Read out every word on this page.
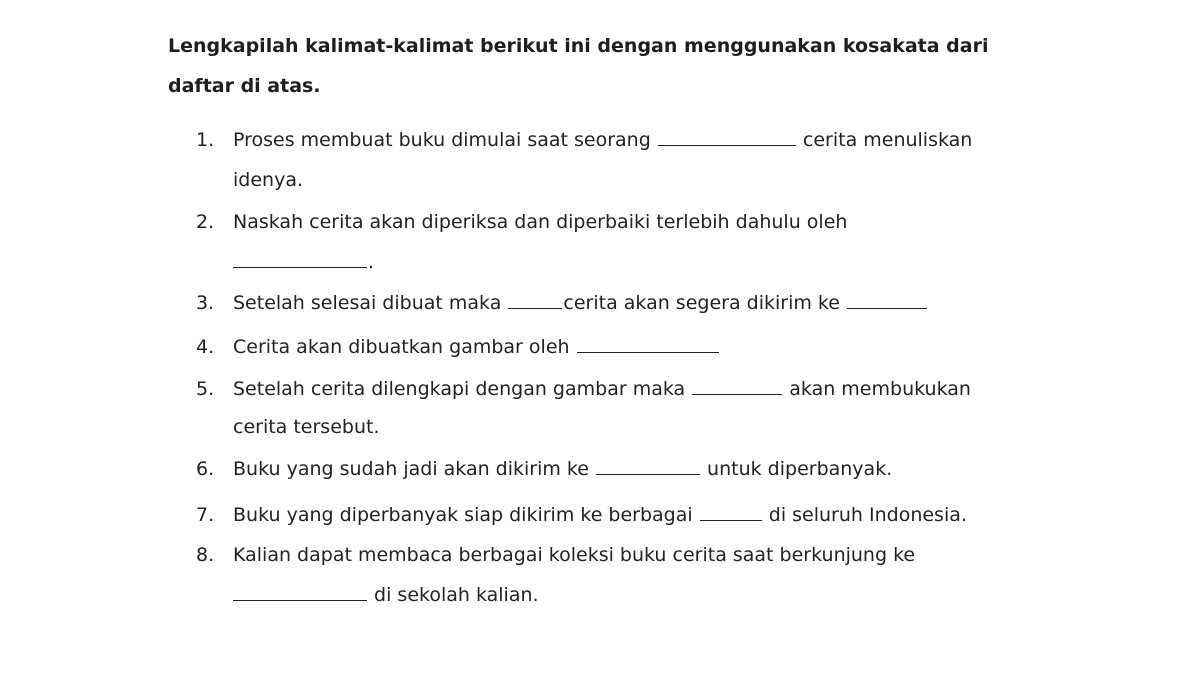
Lengkapilah kalimat-kalimat berikut ini dengan menggunakan kosakata dari
daftar di atas.
1. Proses membuat buku dimulai saat seorang	cerita menuliskan
idenya.
2. Naskah cerita akan diperiksa dan diperbaiki terlebih dahulu oleh
.
3. Setelah selesai dibuat maka	cerita akan segera dikirim ke
4. Cerita akan dibuatkan gambar oleh
5. Setelah cerita dilengkapi dengan gambar maka	akan membukukan
cerita tersebut.
6. Buku yang sudah jadi akan dikirim ke	untuk diperbanyak.
7. Buku yang diperbanyak siap dikirim ke berbagai	di seluruh Indonesia.
8. Kalian dapat membaca berbagai koleksi buku cerita saat berkunjung ke
di sekolah kalian.
